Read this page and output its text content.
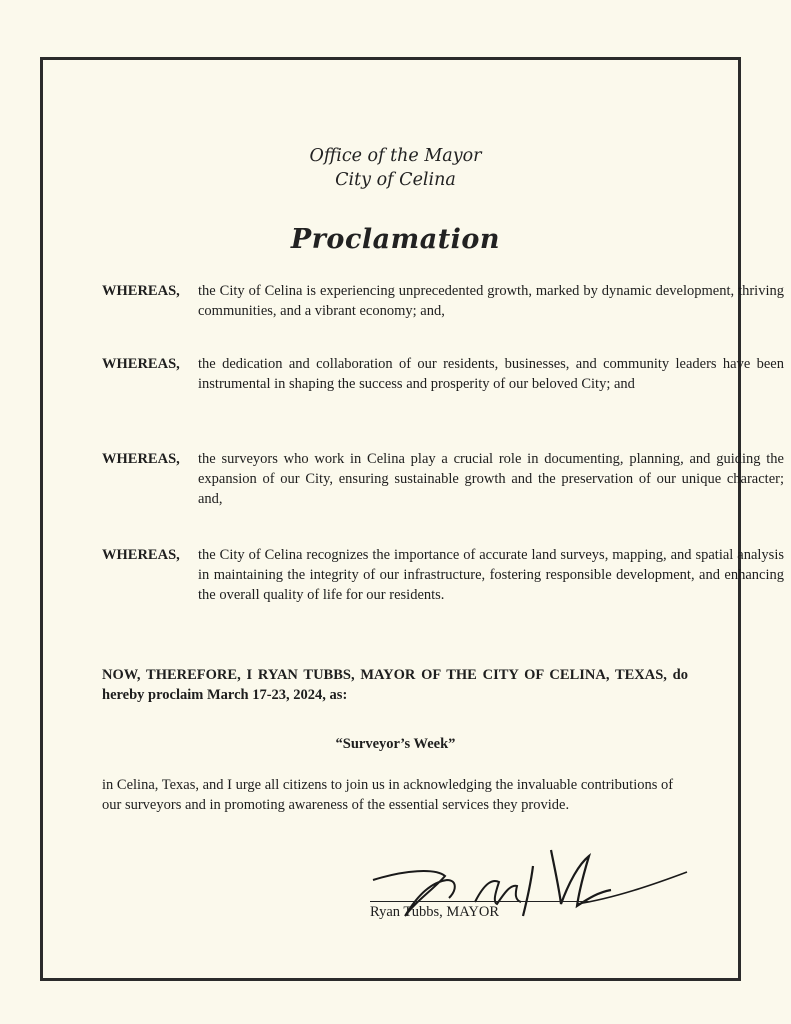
Office of the Mayor
City of Celina
Proclamation
WHEREAS, the City of Celina is experiencing unprecedented growth, marked by dynamic development, thriving communities, and a vibrant economy; and,
WHEREAS, the dedication and collaboration of our residents, businesses, and community leaders have been instrumental in shaping the success and prosperity of our beloved City; and
WHEREAS, the surveyors who work in Celina play a crucial role in documenting, planning, and guiding the expansion of our City, ensuring sustainable growth and the preservation of our unique character; and,
WHEREAS, the City of Celina recognizes the importance of accurate land surveys, mapping, and spatial analysis in maintaining the integrity of our infrastructure, fostering responsible development, and enhancing the overall quality of life for our residents.
NOW, THEREFORE, I RYAN TUBBS, MAYOR OF THE CITY OF CELINA, TEXAS, do hereby proclaim March 17-23, 2024, as:
“Surveyor’s Week”
in Celina, Texas, and I urge all citizens to join us in acknowledging the invaluable contributions of our surveyors and in promoting awareness of the essential services they provide.
Ryan Tubbs, MAYOR
